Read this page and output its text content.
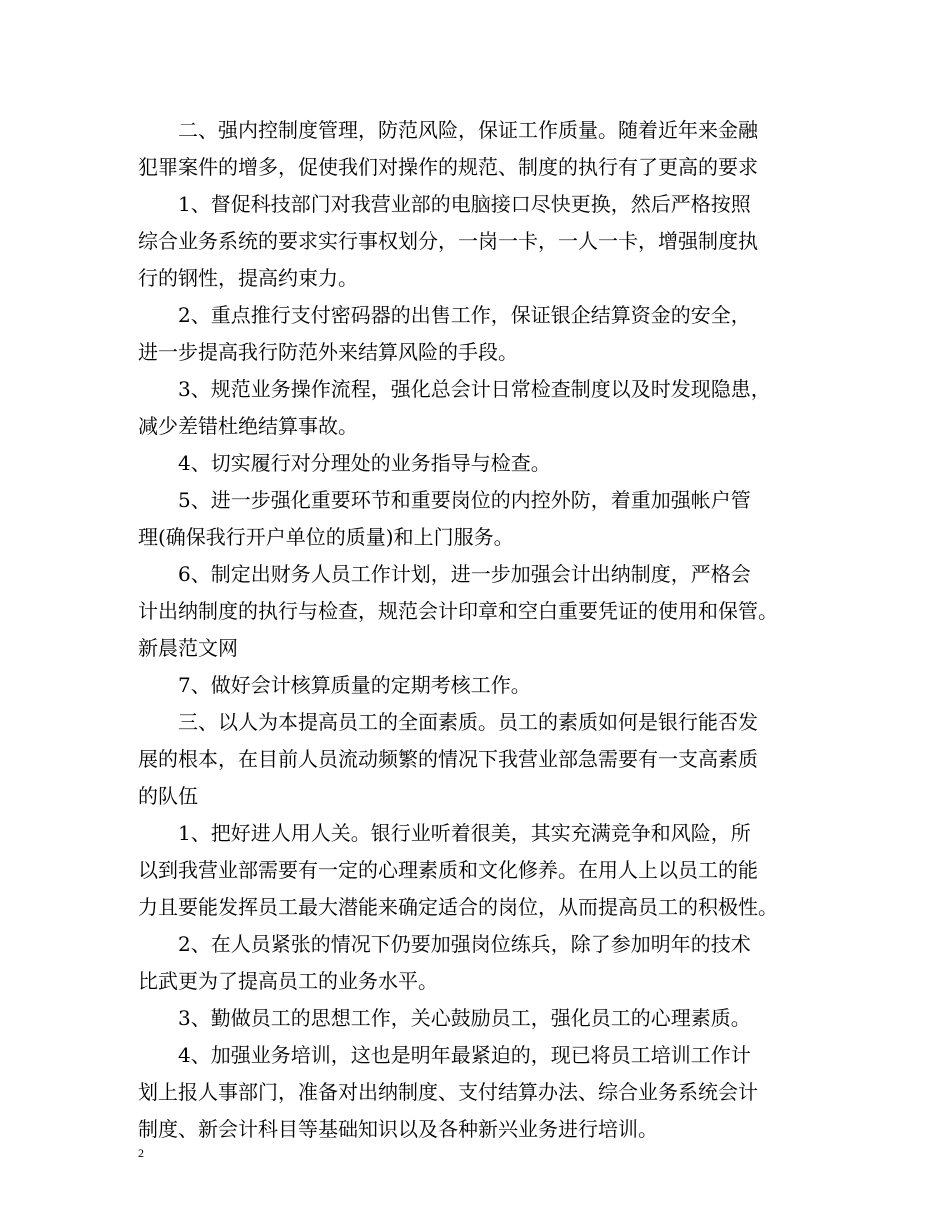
二、强内控制度管理，防范风险，保证工作质量。随着近年来金融
犯罪案件的增多，促使我们对操作的规范、制度的执行有了更高的要求
1、督促科技部门对我营业部的电脑接口尽快更换，然后严格按照
综合业务系统的要求实行事权划分，一岗一卡，一人一卡，增强制度执
行的钢性，提高约束力。
2、重点推行支付密码器的出售工作，保证银企结算资金的安全，
进一步提高我行防范外来结算风险的手段。
3、规范业务操作流程，强化总会计日常检查制度以及时发现隐患，
减少差错杜绝结算事故。
4、切实履行对分理处的业务指导与检查。
5、进一步强化重要环节和重要岗位的内控外防，着重加强帐户管
理(确保我行开户单位的质量)和上门服务。
6、制定出财务人员工作计划，进一步加强会计出纳制度，严格会
计出纳制度的执行与检查，规范会计印章和空白重要凭证的使用和保管。
新晨范文网
7、做好会计核算质量的定期考核工作。
三、以人为本提高员工的全面素质。员工的素质如何是银行能否发
展的根本，在目前人员流动频繁的情况下我营业部急需要有一支高素质
的队伍
1、把好进人用人关。银行业听着很美，其实充满竞争和风险，所
以到我营业部需要有一定的心理素质和文化修养。在用人上以员工的能
力且要能发挥员工最大潜能来确定适合的岗位，从而提高员工的积极性。
2、在人员紧张的情况下仍要加强岗位练兵，除了参加明年的技术
比武更为了提高员工的业务水平。
3、勤做员工的思想工作，关心鼓励员工，强化员工的心理素质。
4、加强业务培训，这也是明年最紧迫的，现已将员工培训工作计
划上报人事部门，准备对出纳制度、支付结算办法、综合业务系统会计
制度、新会计科目等基础知识以及各种新兴业务进行培训。
2
